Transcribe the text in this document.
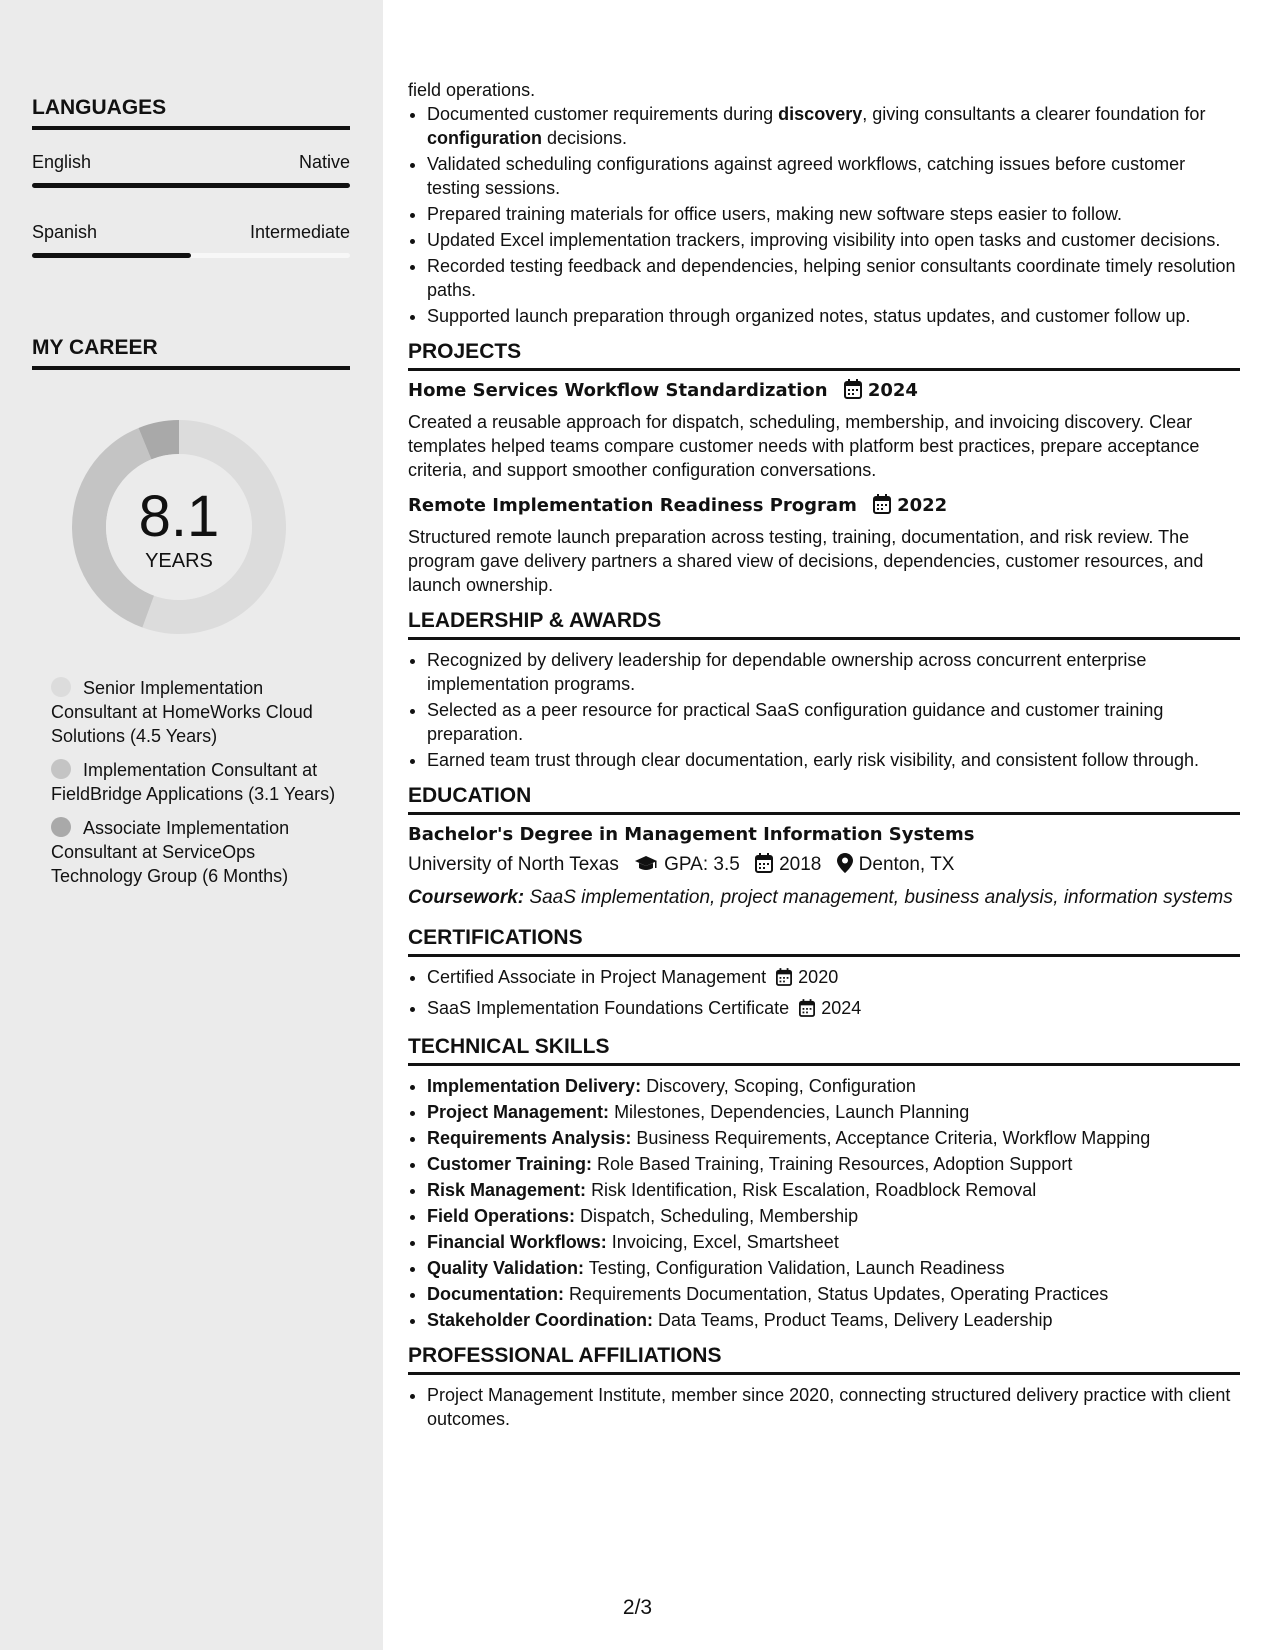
LANGUAGES
English	Native
Spanish	Intermediate
MY CAREER
8.1
YEARS
Senior Implementation Consultant at HomeWorks Cloud Solutions (4.5 Years)
Implementation Consultant at FieldBridge Applications (3.1 Years)
Associate Implementation Consultant at ServiceOps Technology Group (6 Months)

field operations.

• Documented customer requirements during discovery, giving consultants a clearer foundation for configuration decisions.
• Validated scheduling configurations against agreed workflows, catching issues before customer testing sessions.
• Prepared training materials for office users, making new software steps easier to follow.
• Updated Excel implementation trackers, improving visibility into open tasks and customer decisions.
• Recorded testing feedback and dependencies, helping senior consultants coordinate timely resolution paths.
• Supported launch preparation through organized notes, status updates, and customer follow up.
PROJECTS
Home Services Workflow Standardization 2024

Created a reusable approach for dispatch, scheduling, membership, and invoicing discovery. Clear templates helped teams compare customer needs with platform best practices, prepare acceptance criteria, and support smoother configuration conversations.

Remote Implementation Readiness Program 2022

Structured remote launch preparation across testing, training, documentation, and risk review. The program gave delivery partners a shared view of decisions, dependencies, customer resources, and launch ownership.

LEADERSHIP & AWARDS
• Recognized by delivery leadership for dependable ownership across concurrent enterprise implementation programs.
• Selected as a peer resource for practical SaaS configuration guidance and customer training preparation.
• Earned team trust through clear documentation, early risk visibility, and consistent follow through.
EDUCATION
Bachelor's Degree in Management Information Systems
University of North Texas GPA: 3.5 2018 Denton, TX
Coursework: SaaS implementation, project management, business analysis, information systems
CERTIFICATIONS
• Certified Associate in Project Management 2020
• SaaS Implementation Foundations Certificate 2024
TECHNICAL SKILLS
• Implementation Delivery: Discovery, Scoping, Configuration
• Project Management: Milestones, Dependencies, Launch Planning
• Requirements Analysis: Business Requirements, Acceptance Criteria, Workflow Mapping
• Customer Training: Role Based Training, Training Resources, Adoption Support
• Risk Management: Risk Identification, Risk Escalation, Roadblock Removal
• Field Operations: Dispatch, Scheduling, Membership
• Financial Workflows: Invoicing, Excel, Smartsheet
• Quality Validation: Testing, Configuration Validation, Launch Readiness
• Documentation: Requirements Documentation, Status Updates, Operating Practices
• Stakeholder Coordination: Data Teams, Product Teams, Delivery Leadership
PROFESSIONAL AFFILIATIONS
• Project Management Institute, member since 2020, connecting structured delivery practice with client outcomes.
2/3
